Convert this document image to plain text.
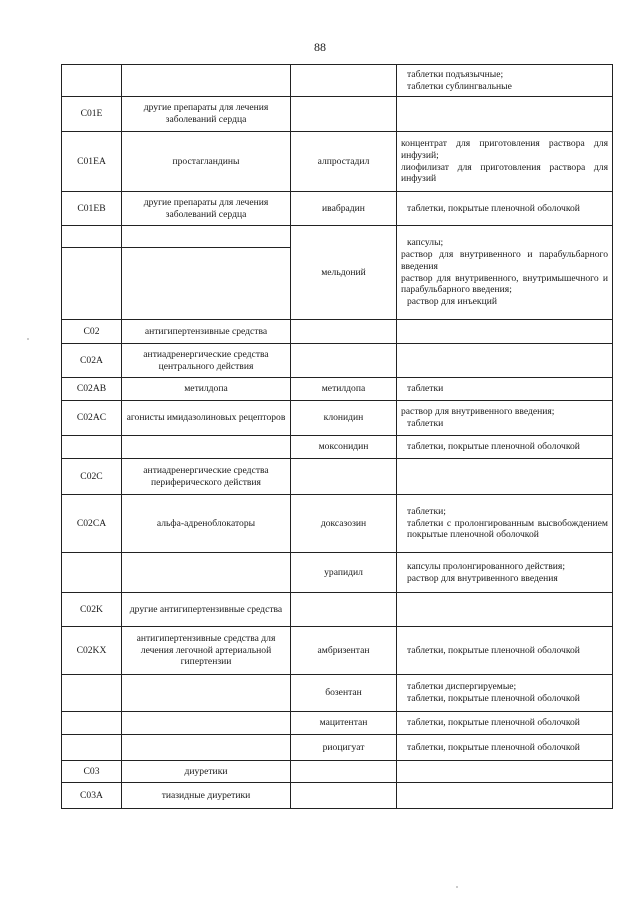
88

			таблетки подъязычные;
таблетки сублингвальные

C01E	другие препараты для лечения заболеваний сердца		
C01EA	простагландины	алпростадил	концентрат для приготовления раствора для инфузий;
лиофилизат для приготовления раствора для инфузий

C01EB	другие препараты для лечения заболеваний сердца	ивабрадин	таблетки, покрытые пленочной оболочкой

		мельдоний	капсулы;
раствор для внутривенного и парабульбарного введения
раствор для внутривенного, внутримышечного и парабульбарного введения;
раствор для инъекций

C02	антигипертензивные средства		
C02A	антиадренергические средства центрального действия		
C02AB	метилдопа	метилдопа	таблетки

C02AC	агонисты имидазолиновых рецепторов	клонидин	раствор для внутривенного введения;
таблетки

		моксонидин	таблетки, покрытые пленочной оболочкой

C02C	антиадренергические средства периферического действия		
C02CA	альфа-адреноблокаторы	доксазозин	таблетки;
таблетки с пролонгированным высвобождением покрытые пленочной оболочкой

		урапидил	капсулы пролонгированного действия;
раствор для внутривенного введения

C02K	другие антигипертензивные средства		
C02KX	антигипертензивные средства для лечения легочной артериальной гипертензии	амбризентан	таблетки, покрытые пленочной оболочкой

		бозентан	таблетки диспергируемые;
таблетки, покрытые пленочной оболочкой

		мацитентан	таблетки, покрытые пленочной оболочкой

		риоцигуат	таблетки, покрытые пленочной оболочкой

C03	диуретики		
C03A	тиазидные диуретики		
